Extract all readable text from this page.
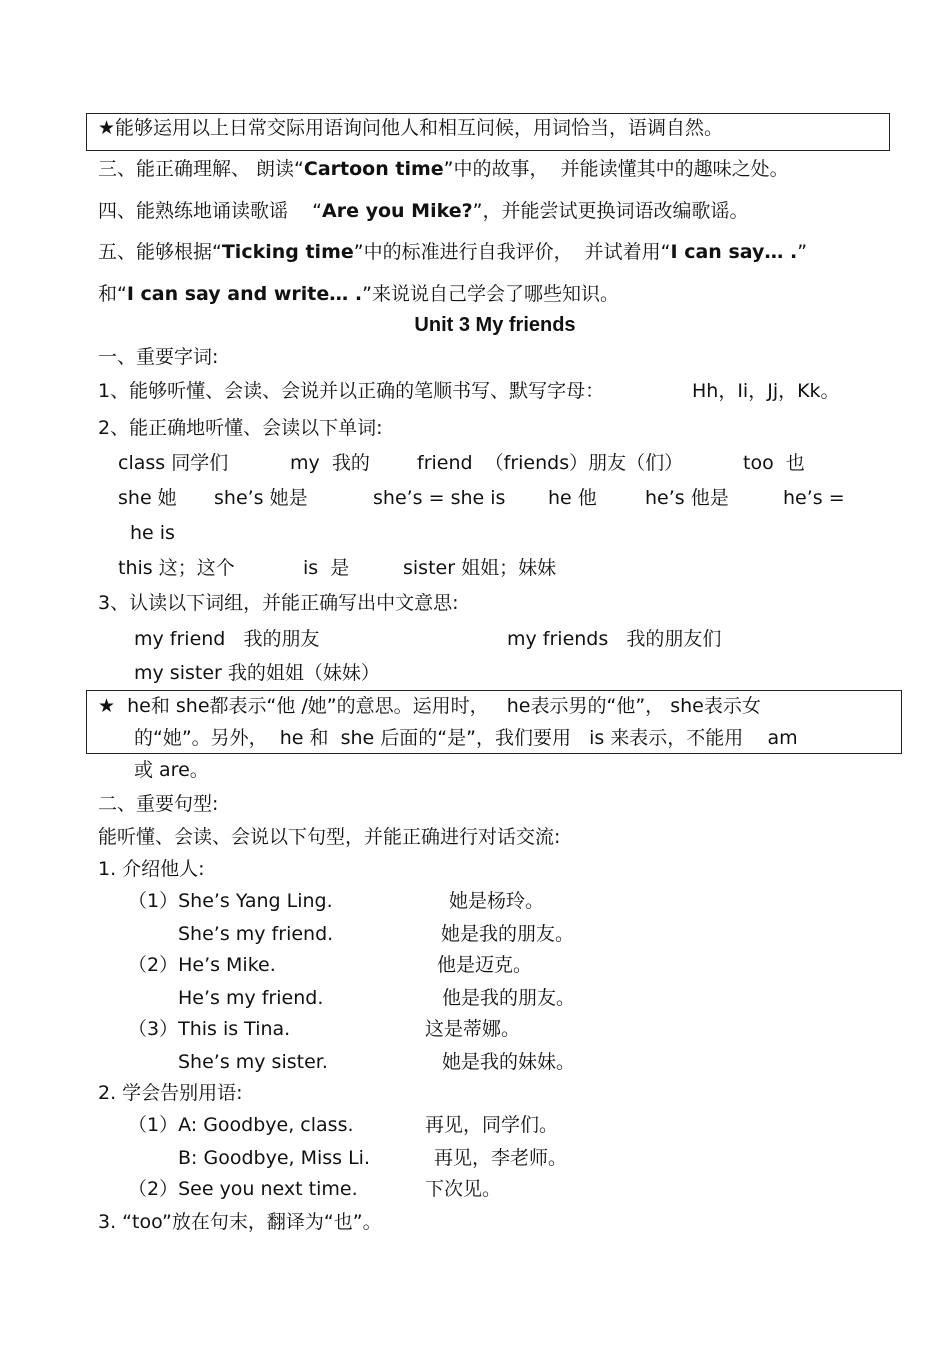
★能够运用以上日常交际用语询问他人和相互问候，用词恰当，语调自然。
三、能正确理解、 朗读“Cartoon time”中的故事，  并能读懂其中的趣味之处。
四、能熟练地诵读歌谣    “Are you Mike?”，并能尝试更换词语改编歌谣。
五、能够根据“Ticking time”中的标准进行自我评价，  并试着用“I can say… .”
和“I can say and write… .”来说说自己学会了哪些知识。
Unit 3 My friends
一、重要字词:
1、能够听懂、会读、会说并以正确的笔顺书写、默写字母：	Hh，Ii，Jj，Kk。
2、能正确地听懂、会读以下单词:
class 同学们	my  我的 friend  （friends）朋友（们）	too  也
she 她 she’s 她是	she’s = she is he 他	he’s 他是	he’s =
he is
this 这；这个	is  是	sister 姐姐；妹妹
3、认读以下词组，并能正确写出中文意思:
my friend   我的朋友	my friends   我的朋友们
my sister 我的姐姐（妹妹）
★  he和 she都表示“他 /她”的意思。运用时，   he表示男的“他”， she表示女
的“她”。另外，  he 和  she 后面的“是”，我们要用   is 来表示，不能用    am
或 are。
二、重要句型:
能听懂、会读、会说以下句型，并能正确进行对话交流:
1. 介绍他人:
（1）She’s Yang Ling.	她是杨玲。
She’s my friend.	她是我的朋友。
（2）He’s Mike.	他是迈克。
He’s my friend.	他是我的朋友。
（3）This is Tina.	这是蒂娜。
She’s my sister.	她是我的妹妹。
2. 学会告别用语:
（1）A: Goodbye, class.	再见，同学们。
B: Goodbye, Miss Li.	再见，李老师。
（2）See you next time.	下次见。
3. “too”放在句末，翻译为“也”。
